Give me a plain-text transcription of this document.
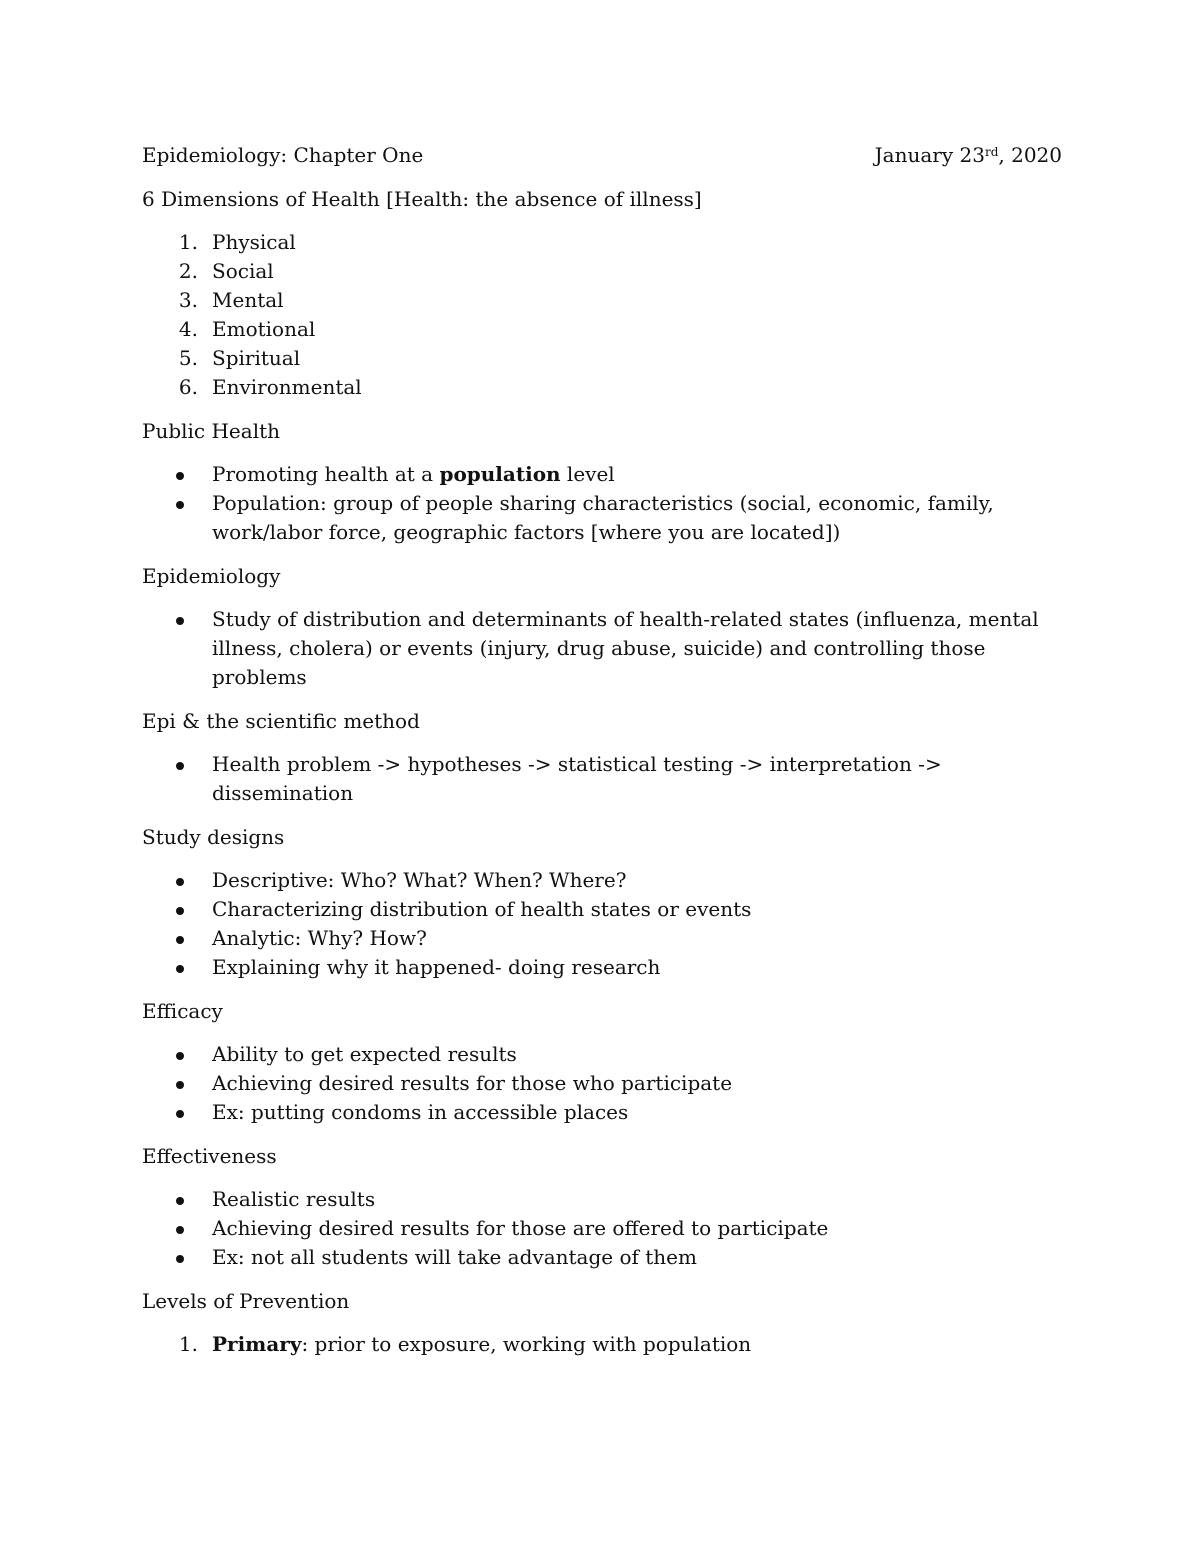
Epidemiology: Chapter One	January 23rd, 2020
6 Dimensions of Health [Health: the absence of illness]
1. Physical
2. Social
3. Mental
4. Emotional
5. Spiritual
6. Environmental
Public Health
Promoting health at a population level
Population: group of people sharing characteristics (social, economic, family, work/labor force, geographic factors [where you are located])
Epidemiology
Study of distribution and determinants of health-related states (influenza, mental illness, cholera) or events (injury, drug abuse, suicide) and controlling those problems
Epi & the scientific method
Health problem -> hypotheses -> statistical testing -> interpretation -> dissemination
Study designs
Descriptive: Who? What? When? Where?
Characterizing distribution of health states or events
Analytic: Why? How?
Explaining why it happened- doing research
Efficacy
Ability to get expected results
Achieving desired results for those who participate
Ex: putting condoms in accessible places
Effectiveness
Realistic results
Achieving desired results for those are offered to participate
Ex: not all students will take advantage of them
Levels of Prevention
1. Primary: prior to exposure, working with population
